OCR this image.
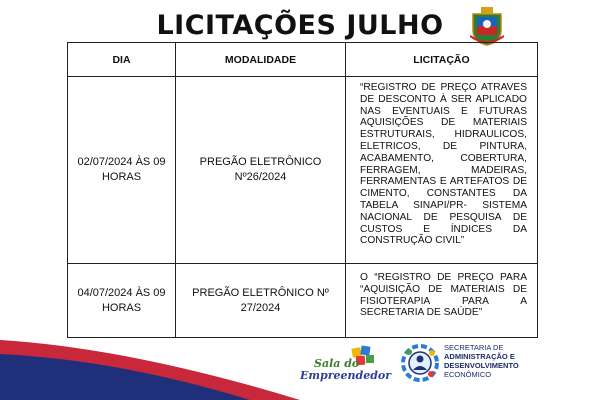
LICITAÇÕES JULHO
DIA	MODALIDADE	LICITAÇÃO
02/07/2024 ÀS 09 HORAS	PREGÃO ELETRÔNICO Nº26/2024	“REGISTRO DE PREÇO ATRAVES DE DESCONTO À SER APLICADO NAS EVENTUAIS E FUTURAS AQUISIÇÕES DE MATERIAIS ESTRUTURAIS, HIDRAULICOS, ELETRICOS, DE PINTURA, ACABAMENTO, COBERTURA, FERRAGEM, MADEIRAS, FERRAMENTAS E ARTEFATOS DE CIMENTO, CONSTANTES DA TABELA SINAPI/PR- SISTEMA NACIONAL DE PESQUISA DE CUSTOS E ÍNDICES DA CONSTRUÇÃO CIVIL”
04/07/2024 ÀS 09 HORAS	PREGÃO ELETRÔNICO Nº 27/2024	O “REGISTRO DE PREÇO PARA “AQUISIÇÃO DE MATERIAIS DE FISIOTERAPIA PARA A SECRETARIA DE SAÚDE”
Sala do
Empreendedor
SECRETARIA DE
ADMINISTRAÇÃO E
DESENVOLVIMENTO
ECONÔMICO
